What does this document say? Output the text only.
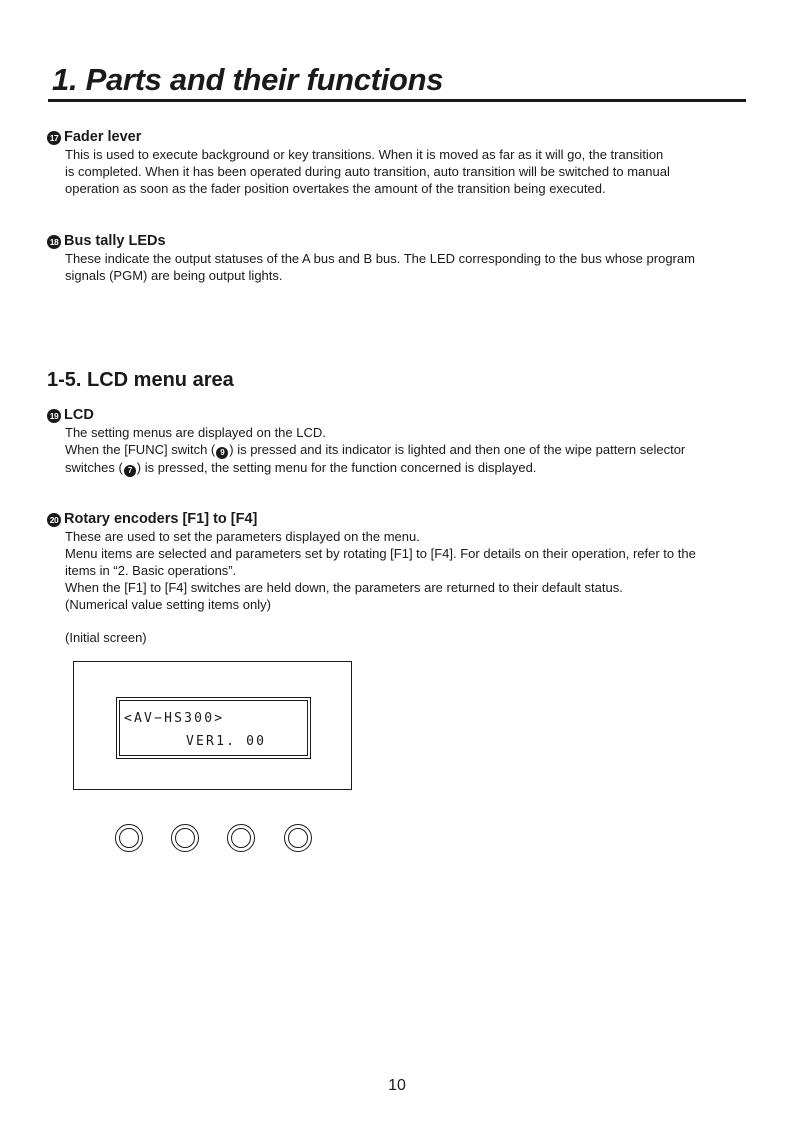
1. Parts and their functions
17 Fader lever
This is used to execute background or key transitions. When it is moved as far as it will go, the transition
is completed. When it has been operated during auto transition, auto transition will be switched to manual
operation as soon as the fader position overtakes the amount of the transition being executed.
18 Bus tally LEDs
These indicate the output statuses of the A bus and B bus. The LED corresponding to the bus whose program
signals (PGM) are being output lights.
1-5. LCD menu area
19 LCD
The setting menus are displayed on the LCD.
When the [FUNC] switch ( 9 ) is pressed and its indicator is lighted and then one of the wipe pattern selector
switches ( 7 ) is pressed, the setting menu for the function concerned is displayed.
20 Rotary encoders [F1] to [F4]
These are used to set the parameters displayed on the menu.
Menu items are selected and parameters set by rotating [F1] to [F4]. For details on their operation, refer to the
items in “2. Basic operations”.
When the [F1] to [F4] switches are held down, the parameters are returned to their default status.
(Numerical value setting items only)
(Initial screen)
<AV−HS300>
VER1. 00
10
